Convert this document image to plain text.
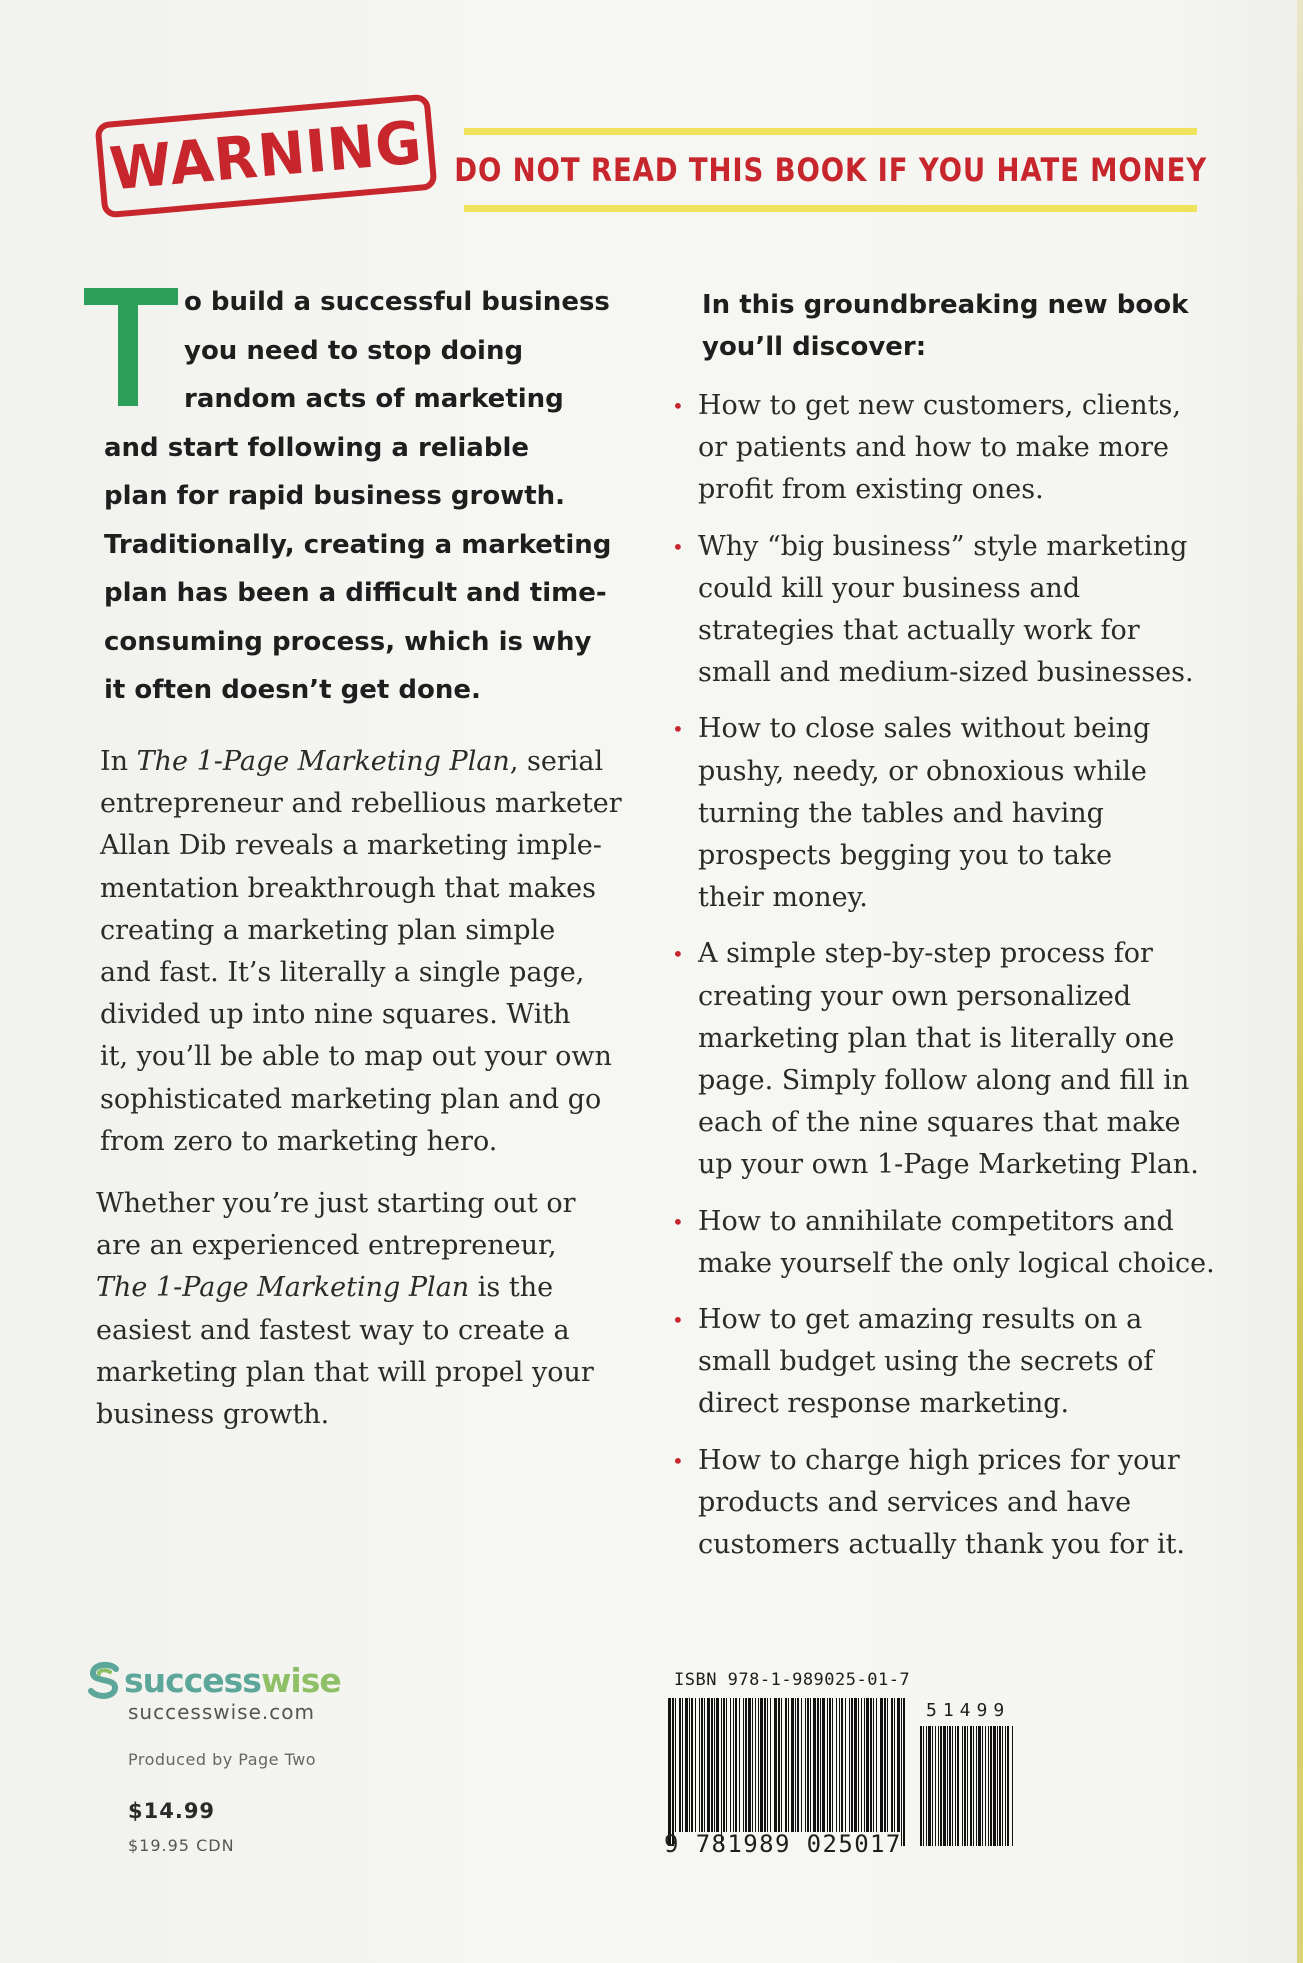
WARNING DO NOT READ THIS BOOK IF YOU HATE MONEY
o build a successful business
you need to stop doing
random acts of marketing
and start following a reliable
plan for rapid business growth.
Traditionally, creating a marketing
plan has been a difficult and time-
consuming process, which is why
it often doesn’t get done.
In The 1-Page Marketing Plan, serial
entrepreneur and rebellious marketer
Allan Dib reveals a marketing imple-
mentation breakthrough that makes
creating a marketing plan simple
and fast. It’s literally a single page,
divided up into nine squares. With
it, you’ll be able to map out your own
sophisticated marketing plan and go
from zero to marketing hero.
Whether you’re just starting out or
are an experienced entrepreneur,
The 1-Page Marketing Plan is the
easiest and fastest way to create a
marketing plan that will propel your
business growth.
In this groundbreaking new book
you’ll discover:
• How to get new customers, clients,
or patients and how to make more
profit from existing ones.
• Why “big business” style marketing
could kill your business and
strategies that actually work for
small and medium-sized businesses.
• How to close sales without being
pushy, needy, or obnoxious while
turning the tables and having
prospects begging you to take
their money.
• A simple step-by-step process for
creating your own personalized
marketing plan that is literally one
page. Simply follow along and fill in
each of the nine squares that make
up your own 1-Page Marketing Plan.
• How to annihilate competitors and
make yourself the only logical choice.
• How to get amazing results on a
small budget using the secrets of
direct response marketing.
• How to charge high prices for your
products and services and have
customers actually thank you for it.
successwise
successwise.com
Produced by Page Two
$14.99
$19.95 CDN
ISBN 978-1-989025-01-7
51499
9 781989 025017
